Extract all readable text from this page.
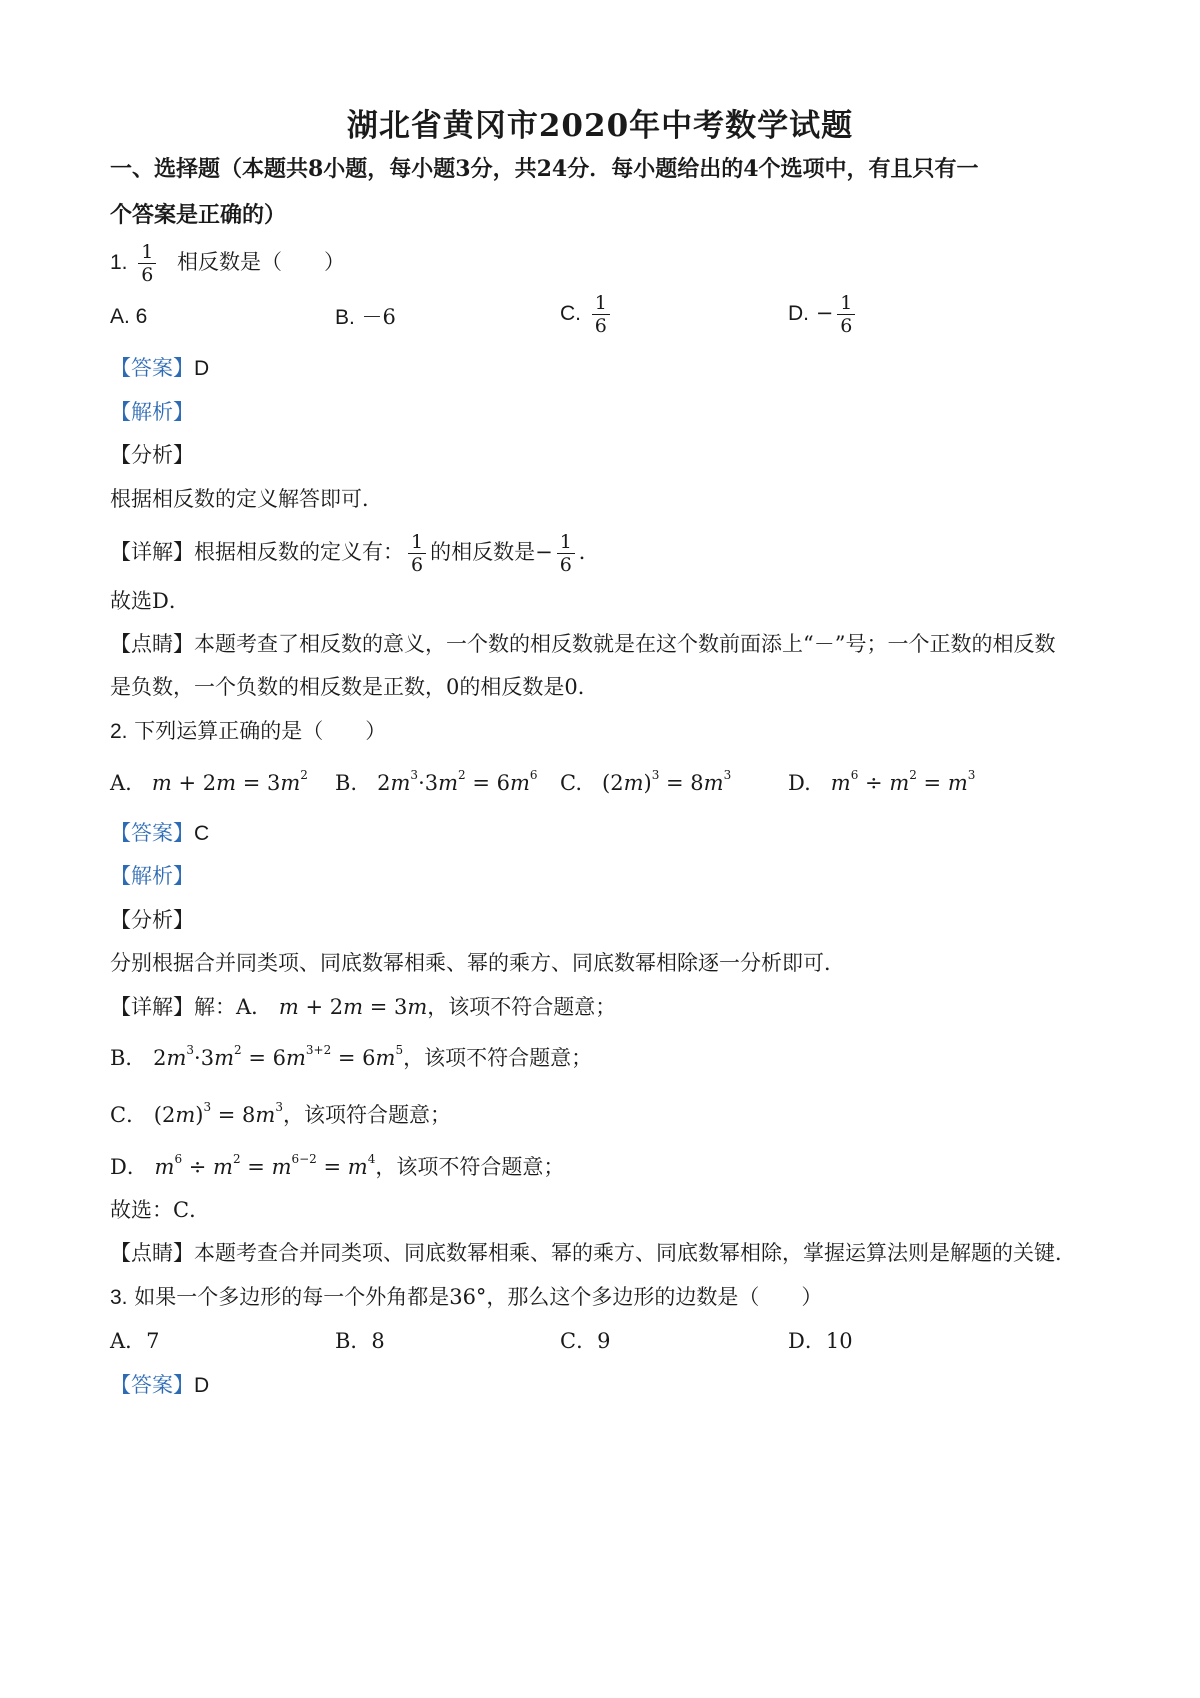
湖北省黄冈市2020年中考数学试题
一、选择题（本题共8小题，每小题3分，共24分．每小题给出的4个选项中，有且只有一
个答案是正确的）
1. $\frac{1}{6}$ 相反数是（　　）
A. 6	B. －6	C. $\frac{1}{6}$	D. − $\frac{1}{6}$
【答案】D
【解析】
【分析】
根据相反数的定义解答即可．
【详解】根据相反数的定义有： $\frac{1}{6}$ 的相反数是− $\frac{1}{6}$ ．
故选D．
【点睛】本题考查了相反数的意义，一个数的相反数就是在这个数前面添上“－”号；一个正数的相反数
是负数，一个负数的相反数是正数，0的相反数是0．
2. 下列运算正确的是（　　）
A. $m + 2m = 3m^2$ B.   $2m^3\cdot 3m^2 = 6m^6$ C.   $(2m)^3 = 8m^3$	D. $m^6 \div m^2 = m^3$
【答案】C
【解析】
【分析】
分别根据合并同类项、同底数幂相乘、幂的乘方、同底数幂相除逐一分析即可．
【详解】解：A． m + 2m = 3m，该项不符合题意；
B． $2m^3\cdot 3m^2 = 6m^{3+2} = 6m^5$，该项不符合题意；
C． $(2m)^3 = 8m^3$，该项符合题意；
D． $m^6 \div m^2 = m^{6-2} = m^4$，该项不符合题意；
故选：C．
【点睛】本题考查合并同类项、同底数幂相乘、幂的乘方、同底数幂相除，掌握运算法则是解题的关键．
3. 如果一个多边形的每一个外角都是36°，那么这个多边形的边数是（　　）
A．7	B．8	C．9	D．10
【答案】D
